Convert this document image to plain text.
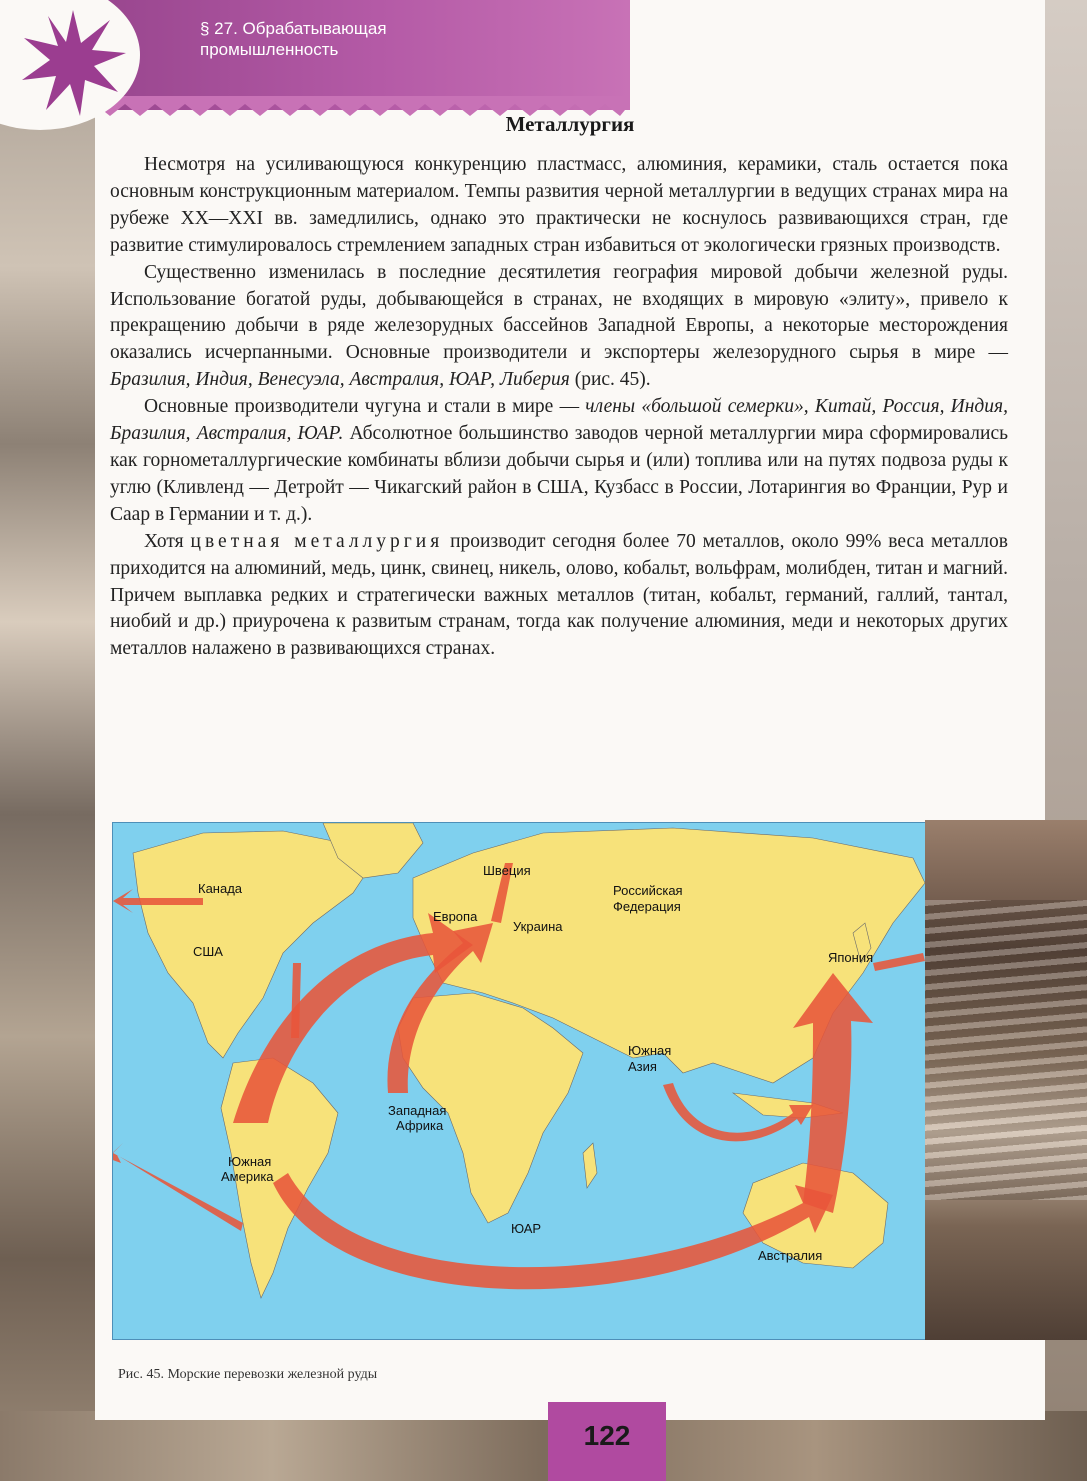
§ 27. Обрабатывающая
промышленность
Металлургия

Несмотря на усиливающуюся конкуренцию пластмасс, алюминия, керамики, сталь остается пока основным конструкционным материалом. Темпы развития черной металлургии в ведущих странах мира на рубеже XX—XXI вв. замедлились, однако это практически не коснулось развивающихся стран, где развитие стимулировалось стремлением западных стран избавиться от экологически грязных производств.

Существенно изменилась в последние десятилетия география мировой добычи железной руды. Использование богатой руды, добывающейся в странах, не входящих в мировую «элиту», привело к прекращению добычи в ряде железорудных бассейнов Западной Европы, а некоторые месторождения оказались исчерпанными. Основные производители и экспортеры железорудного сырья в мире — Бразилия, Индия, Венесуэла, Австралия, ЮАР, Либерия (рис. 45).

Основные производители чугуна и стали в мире — члены «большой семерки», Китай, Россия, Индия, Бразилия, Австралия, ЮАР. Абсолютное большинство заводов черной металлургии мира сформировались как горнометаллургические комбинаты вблизи добычи сырья и (или) топлива или на путях подвоза руды к углю (Кливленд — Детройт — Чикагский район в США, Кузбасс в России, Лотарингия во Франции, Рур и Саар в Германии и т. д.).

Хотя цветная металлургия производит сегодня более 70 металлов, около 99% веса металлов приходится на алюминий, медь, цинк, свинец, никель, олово, кобальт, вольфрам, молибден, титан и магний. Причем выплавка редких и стратегически важных металлов (титан, кобальт, германий, галлий, тантал, ниобий и др.) приурочена к развитым странам, тогда как получение алюминия, меди и некоторых других металлов налажено в развивающихся странах.

Канада
США
Швеция
Европа
Украина
Российская
Федерация
Япония
Южная
Азия
Западная
Африка
Южная
Америка
ЮАР
Австралия
Рис. 45. Морские перевозки железной руды
122
